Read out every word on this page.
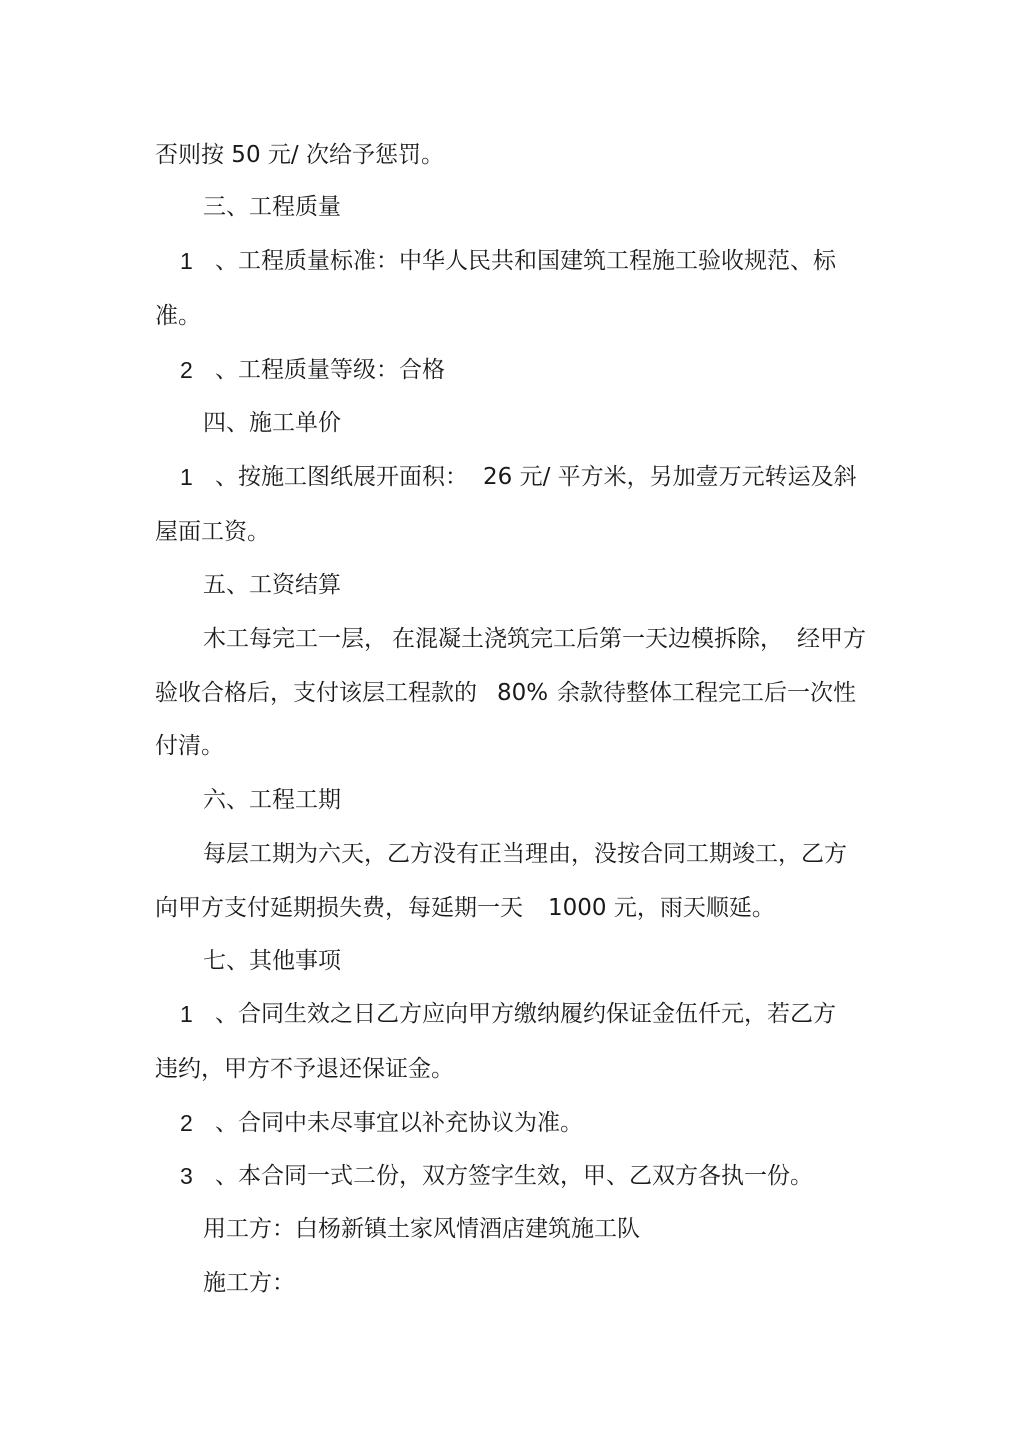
否则按 50 元/ 次给予惩罚。
三、工程质量
1 、工程质量标准：中华人民共和国建筑工程施工验收规范、标
准。
2 、工程质量等级：合格
四、施工单价
1 、按施工图纸展开面积： 26 元/ 平方米，另加壹万元转运及斜
屋面工资。
五、工资结算
木工每完工一层， 在混凝土浇筑完工后第一天边模拆除， 经甲方
验收合格后，支付该层工程款的 80% 余款待整体工程完工后一次性
付清。
六、工程工期
每层工期为六天，乙方没有正当理由，没按合同工期竣工，乙方
向甲方支付延期损失费，每延期一天 1000 元，雨天顺延。
七、其他事项
1 、合同生效之日乙方应向甲方缴纳履约保证金伍仟元，若乙方
违约，甲方不予退还保证金。
2 、合同中未尽事宜以补充协议为准。
3 、本合同一式二份，双方签字生效，甲、乙双方各执一份。
用工方：白杨新镇土家风情酒店建筑施工队
施工方：
